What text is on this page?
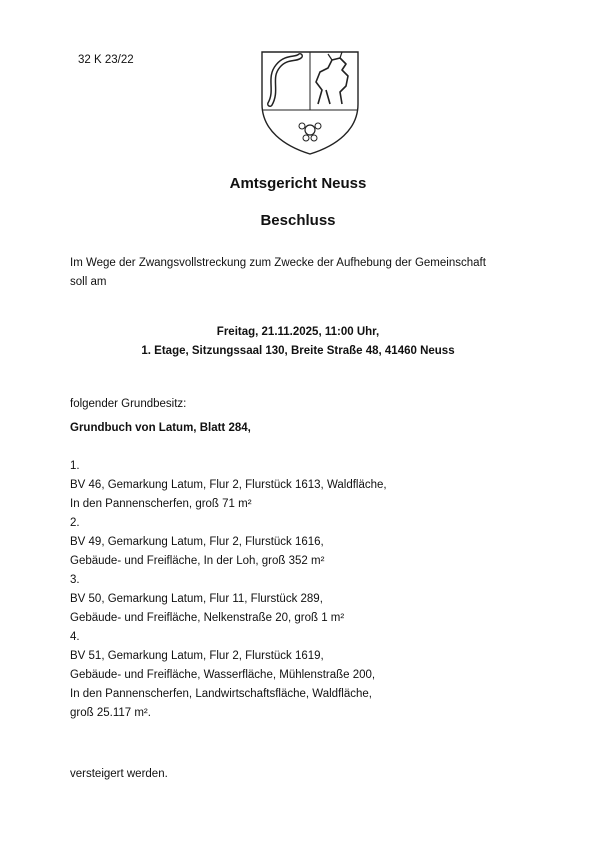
32 K 23/22
Amtsgericht Neuss
Beschluss
Im Wege der Zwangsvollstreckung zum Zwecke der Aufhebung der Gemeinschaft
soll am
Freitag, 21.11.2025, 11:00 Uhr,
1. Etage, Sitzungssaal 130, Breite Straße 48, 41460 Neuss
folgender Grundbesitz:
Grundbuch von Latum, Blatt 284,
1.
BV 46, Gemarkung Latum, Flur 2, Flurstück 1613, Waldfläche,
In den Pannenscherfen, groß 71 m²
2.
BV 49, Gemarkung Latum, Flur 2, Flurstück 1616,
Gebäude- und Freifläche, In der Loh, groß 352 m²
3.
BV 50, Gemarkung Latum, Flur 11, Flurstück 289,
Gebäude- und Freifläche, Nelkenstraße 20, groß 1 m²
4.
BV 51, Gemarkung Latum, Flur 2, Flurstück 1619,
Gebäude- und Freifläche, Wasserfläche, Mühlenstraße 200,
In den Pannenscherfen, Landwirtschaftsfläche, Waldfläche,
groß 25.117 m².
versteigert werden.
